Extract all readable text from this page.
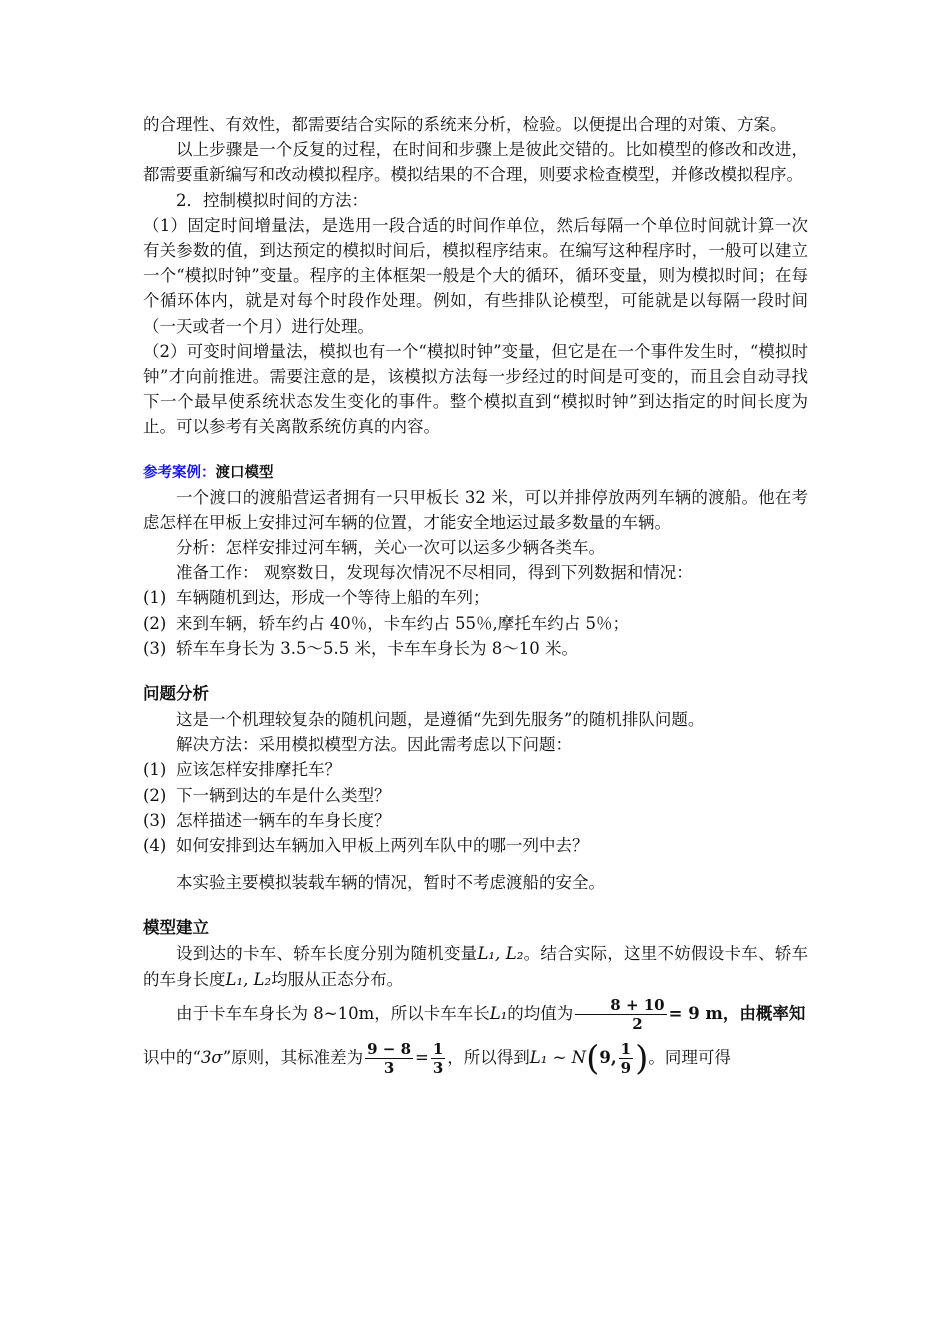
的合理性、有效性，都需要结合实际的系统来分析，检验。以便提出合理的对策、方案。

以上步骤是一个反复的过程，在时间和步骤上是彼此交错的。比如模型的修改和改进，都需要重新编写和改动模拟程序。模拟结果的不合理，则要求检查模型，并修改模拟程序。

2．控制模拟时间的方法：

（1）固定时间增量法，是选用一段合适的时间作单位，然后每隔一个单位时间就计算一次有关参数的值，到达预定的模拟时间后，模拟程序结束。在编写这种程序时，一般可以建立一个“模拟时钟”变量。程序的主体框架一般是个大的循环，循环变量，则为模拟时间；在每个循环体内，就是对每个时段作处理。例如，有些排队论模型，可能就是以每隔一段时间（一天或者一个月）进行处理。

（2）可变时间增量法，模拟也有一个“模拟时钟”变量，但它是在一个事件发生时，“模拟时钟”才向前推进。需要注意的是，该模拟方法每一步经过的时间是可变的，而且会自动寻找下一个最早使系统状态发生变化的事件。整个模拟直到“模拟时钟”到达指定的时间长度为止。可以参考有关离散系统仿真的内容。

参考案例：渡口模型

一个渡口的渡船营运者拥有一只甲板长 32 米，可以并排停放两列车辆的渡船。他在考虑怎样在甲板上安排过河车辆的位置，才能安全地运过最多数量的车辆。

分析：怎样安排过河车辆，关心一次可以运多少辆各类车。

准备工作： 观察数日，发现每次情况不尽相同，得到下列数据和情况：

(1) 车辆随机到达，形成一个等待上船的车列；
(2) 来到车辆，轿车约占 40％，卡车约占 55％,摩托车约占 5％；
(3) 轿车车身长为 3.5～5.5 米，卡车车身长为 8～10 米。

问题分析

这是一个机理较复杂的随机问题，是遵循“先到先服务”的随机排队问题。

解决方法：采用模拟模型方法。因此需考虑以下问题：

(1) 应该怎样安排摩托车？
(2) 下一辆到达的车是什么类型？
(3) 怎样描述一辆车的车身长度？
(4) 如何安排到达车辆加入甲板上两列车队中的哪一列中去？

本实验主要模拟装载车辆的情况，暂时不考虑渡船的安全。

模型建立

设到达的卡车、轿车长度分别为随机变量L₁, L₂。结合实际，这里不妨假设卡车、轿车的车身长度L₁, L₂均服从正态分布。

由于卡车车身长为 8~10m，所以卡车车长L₁的均值为 $\frac{8 + 10}{2} = 9$ m，由概率知

识中的“3σ”原则，其标准差为 $\frac{9 - 8}{3} = \frac{1}{3}$ ，所以得到L₁ ~ N(9, $\frac{1}{9}$ )。同理可得
